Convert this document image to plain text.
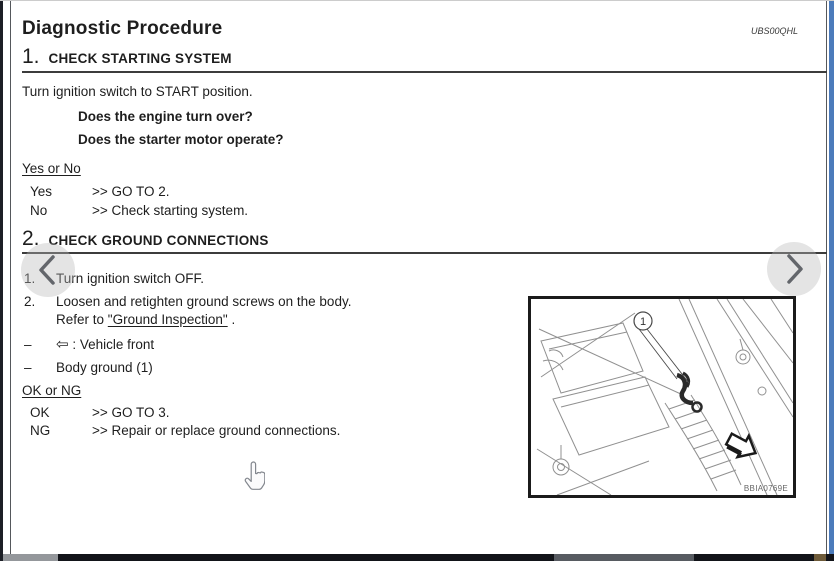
Diagnostic Procedure	UBS00QHL
1. CHECK STARTING SYSTEM
Turn ignition switch to START position.
Does the engine turn over?
Does the starter motor operate?
Yes or No
Yes	>> GO TO 2.
No	>> Check starting system.
2. CHECK GROUND CONNECTIONS
1. Turn ignition switch OFF.
2. Loosen and retighten ground screws on the body.
Refer to "Ground Inspection" .
– ⇦ : Vehicle front
– Body ground (1)
OK or NG
OK	>> GO TO 3.
NG	>> Repair or replace ground connections.
1
BBIA0769E
